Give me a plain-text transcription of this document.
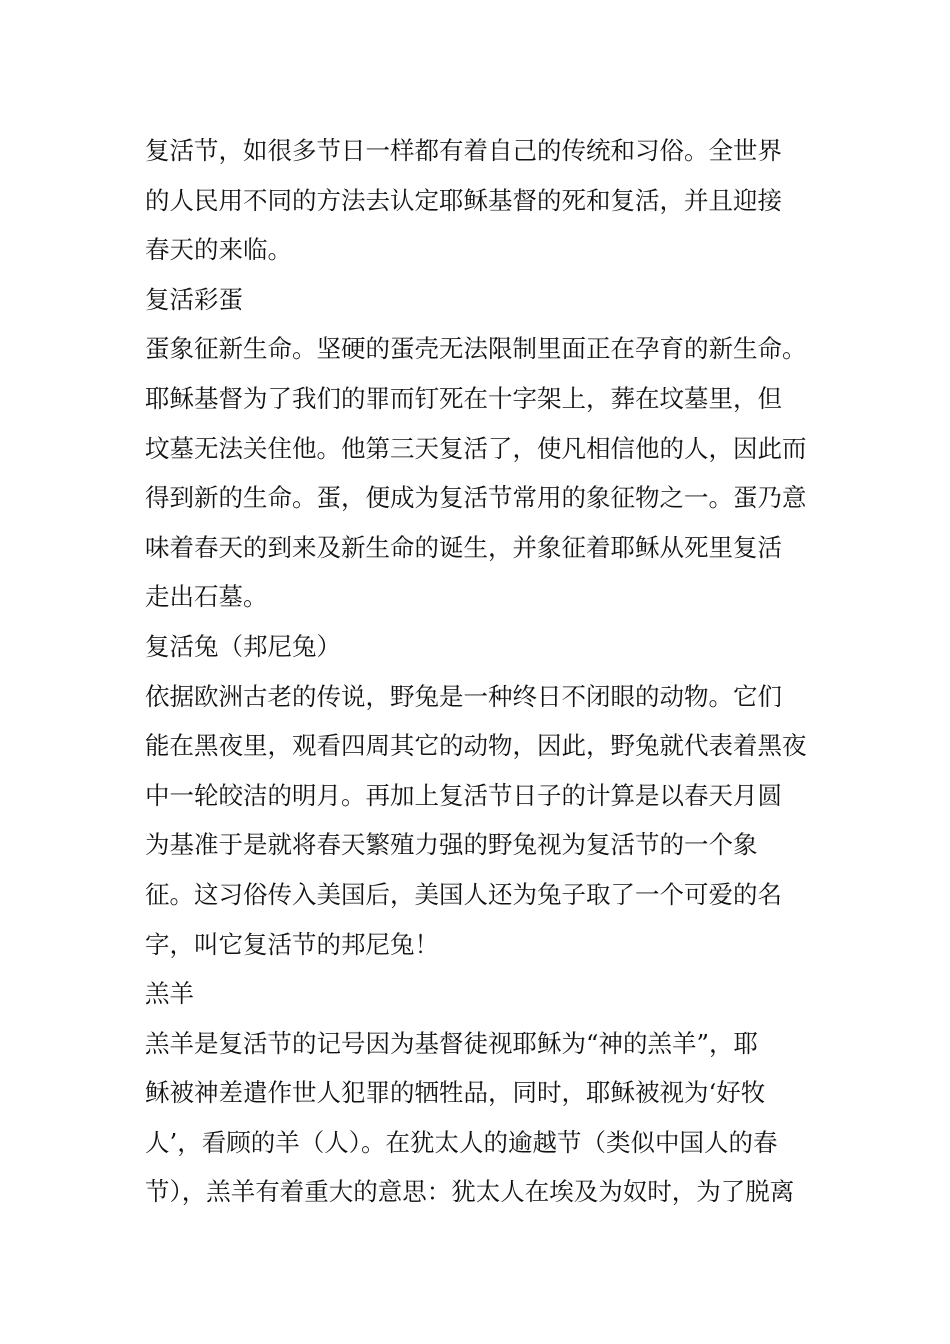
复活节，如很多节日一样都有着自己的传统和习俗。全世界
的人民用不同的方法去认定耶稣基督的死和复活，并且迎接
春天的来临。
复活彩蛋
蛋象征新生命。坚硬的蛋壳无法限制里面正在孕育的新生命。
耶稣基督为了我们的罪而钉死在十字架上，葬在坟墓里，但
坟墓无法关住他。他第三天复活了，使凡相信他的人，因此而
得到新的生命。蛋，便成为复活节常用的象征物之一。蛋乃意
味着春天的到来及新生命的诞生，并象征着耶稣从死里复活
走出石墓。
复活兔（邦尼兔）
依据欧洲古老的传说，野兔是一种终日不闭眼的动物。它们
能在黑夜里，观看四周其它的动物，因此，野兔就代表着黑夜
中一轮皎洁的明月。再加上复活节日子的计算是以春天月圆
为基准于是就将春天繁殖力强的野兔视为复活节的一个象
征。这习俗传入美国后，美国人还为兔子取了一个可爱的名
字，叫它复活节的邦尼兔！
羔羊
羔羊是复活节的记号因为基督徒视耶稣为“神的羔羊”，耶
稣被神差遣作世人犯罪的牺牲品，同时，耶稣被视为‘好牧
人’，看顾的羊（人）。在犹太人的逾越节（类似中国人的春
节），羔羊有着重大的意思：犹太人在埃及为奴时，为了脱离
